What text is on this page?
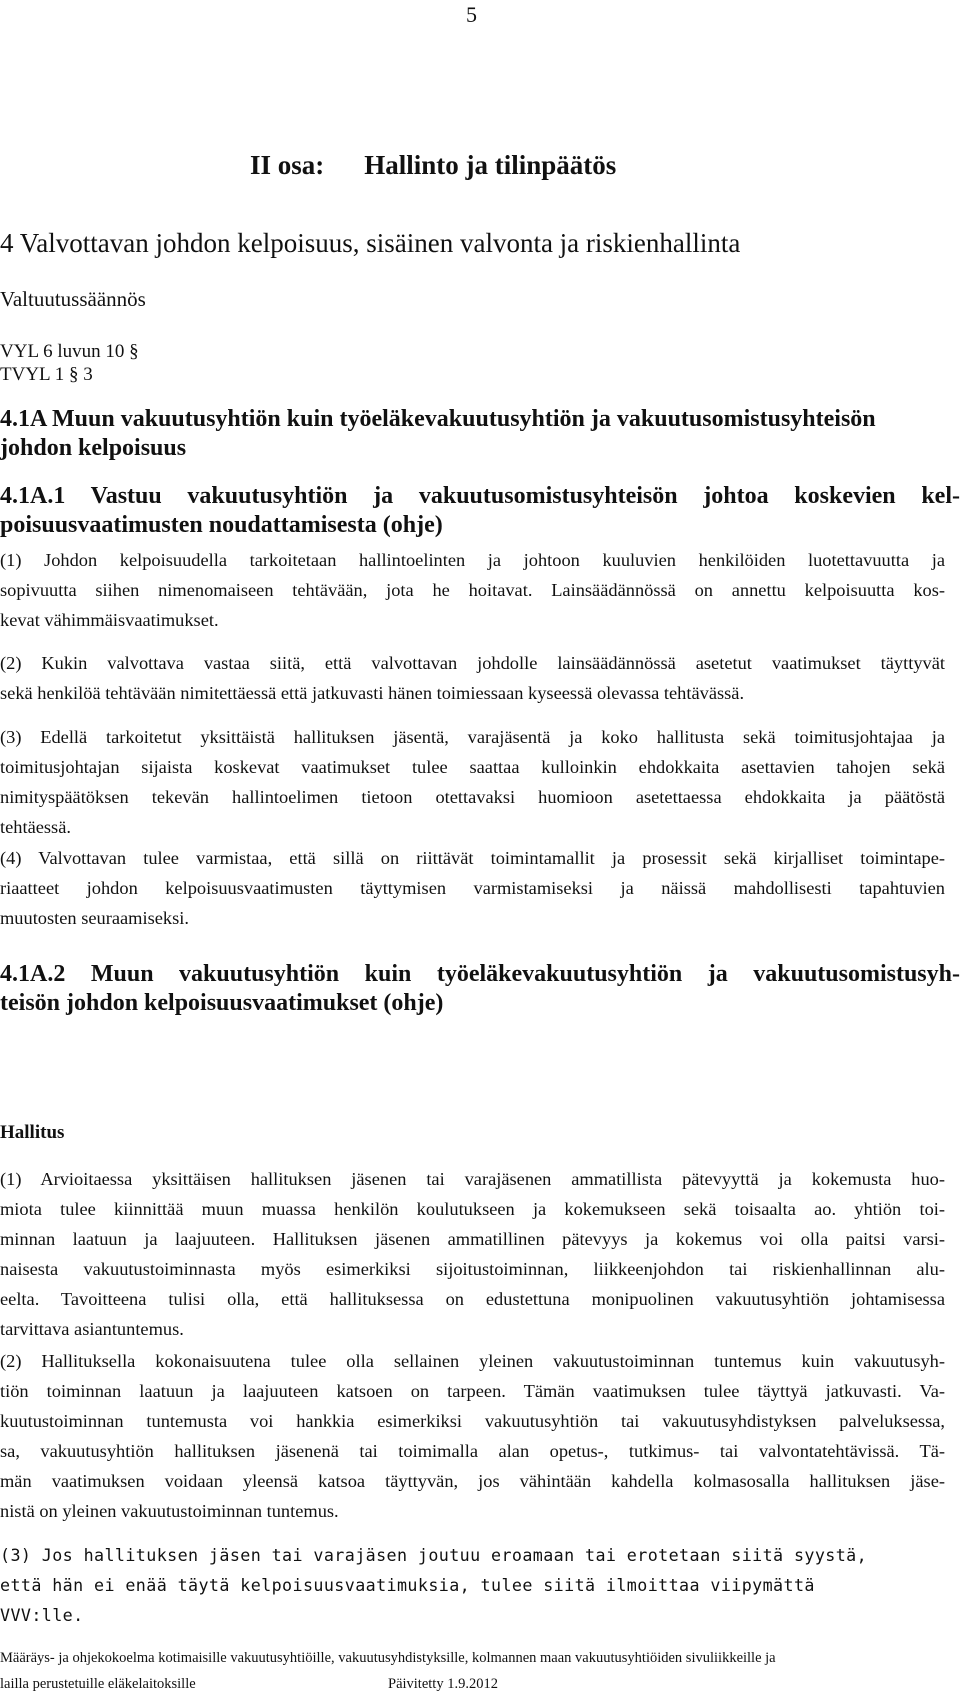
5
II osa: Hallinto ja tilinpäätös
4 Valvottavan johdon kelpoisuus, sisäinen valvonta ja riskienhallinta
Valtuutussäännös
VYL 6 luvun 10 §
TVYL 1 § 3
4.1A Muun vakuutusyhtiön kuin työeläkevakuutusyhtiön ja vakuutusomistusyhteisön
johdon kelpoisuus
4.1A.1 Vastuu vakuutusyhtiön ja vakuutusomistusyhteisön johtoa koskevien kel-
poisuusvaatimusten noudattamisesta (ohje)
(1) Johdon kelpoisuudella tarkoitetaan hallintoelinten ja johtoon kuuluvien henkilöiden luotettavuutta ja
sopivuutta siihen nimenomaiseen tehtävään, jota he hoitavat. Lainsäädännössä on annettu kelpoisuutta kos-
kevat vähimmäisvaatimukset.
(2) Kukin valvottava vastaa siitä, että valvottavan johdolle lainsäädännössä asetetut vaatimukset täyttyvät
sekä henkilöä tehtävään nimitettäessä että jatkuvasti hänen toimiessaan kyseessä olevassa tehtävässä.
(3) Edellä tarkoitetut yksittäistä hallituksen jäsentä, varajäsentä ja koko hallitusta sekä toimitusjohtajaa ja
toimitusjohtajan sijaista koskevat vaatimukset tulee saattaa kulloinkin ehdokkaita asettavien tahojen sekä
nimityspäätöksen tekevän hallintoelimen tietoon otettavaksi huomioon asetettaessa ehdokkaita ja päätöstä
tehtäessä.
(4) Valvottavan tulee varmistaa, että sillä on riittävät toimintamallit ja prosessit sekä kirjalliset toimintape-
riaatteet johdon kelpoisuusvaatimusten täyttymisen varmistamiseksi ja näissä mahdollisesti tapahtuvien
muutosten seuraamiseksi.
4.1A.2 Muun vakuutusyhtiön kuin työeläkevakuutusyhtiön ja vakuutusomistusyh-
teisön johdon kelpoisuusvaatimukset (ohje)
Hallitus
(1) Arvioitaessa yksittäisen hallituksen jäsenen tai varajäsenen ammatillista pätevyyttä ja kokemusta huo-
miota tulee kiinnittää muun muassa henkilön koulutukseen ja kokemukseen sekä toisaalta ao. yhtiön toi-
minnan laatuun ja laajuuteen. Hallituksen jäsenen ammatillinen pätevyys ja kokemus voi olla paitsi varsi-
naisesta vakuutustoiminnasta myös esimerkiksi sijoitustoiminnan, liikkeenjohdon tai riskienhallinnan alu-
eelta. Tavoitteena tulisi olla, että hallituksessa on edustettuna monipuolinen vakuutusyhtiön johtamisessa
tarvittava asiantuntemus.
(2) Hallituksella kokonaisuutena tulee olla sellainen yleinen vakuutustoiminnan tuntemus kuin vakuutusyh-
tiön toiminnan laatuun ja laajuuteen katsoen on tarpeen. Tämän vaatimuksen tulee täyttyä jatkuvasti. Va-
kuutustoiminnan tuntemusta voi hankkia esimerkiksi vakuutusyhtiön tai vakuutusyhdistyksen palveluksessa,
sa, vakuutusyhtiön hallituksen jäsenenä tai toimimalla alan opetus-, tutkimus- tai valvontatehtävissä. Tä-
män vaatimuksen voidaan yleensä katsoa täyttyvän, jos vähintään kahdella kolmasosalla hallituksen jäse-
nistä on yleinen vakuutustoiminnan tuntemus.
(3) Jos hallituksen jäsen tai varajäsen joutuu eroamaan tai erotetaan siitä syystä,
että hän ei enää täytä kelpoisuusvaatimuksia, tulee siitä ilmoittaa viipymättä
VVV:lle.
Määräys- ja ohjekokoelma kotimaisille vakuutusyhtiöille, vakuutusyhdistyksille, kolmannen maan vakuutusyhtiöiden sivuliikkeille ja
lailla perustetuille eläkelaitoksille	Päivitetty 1.9.2012
